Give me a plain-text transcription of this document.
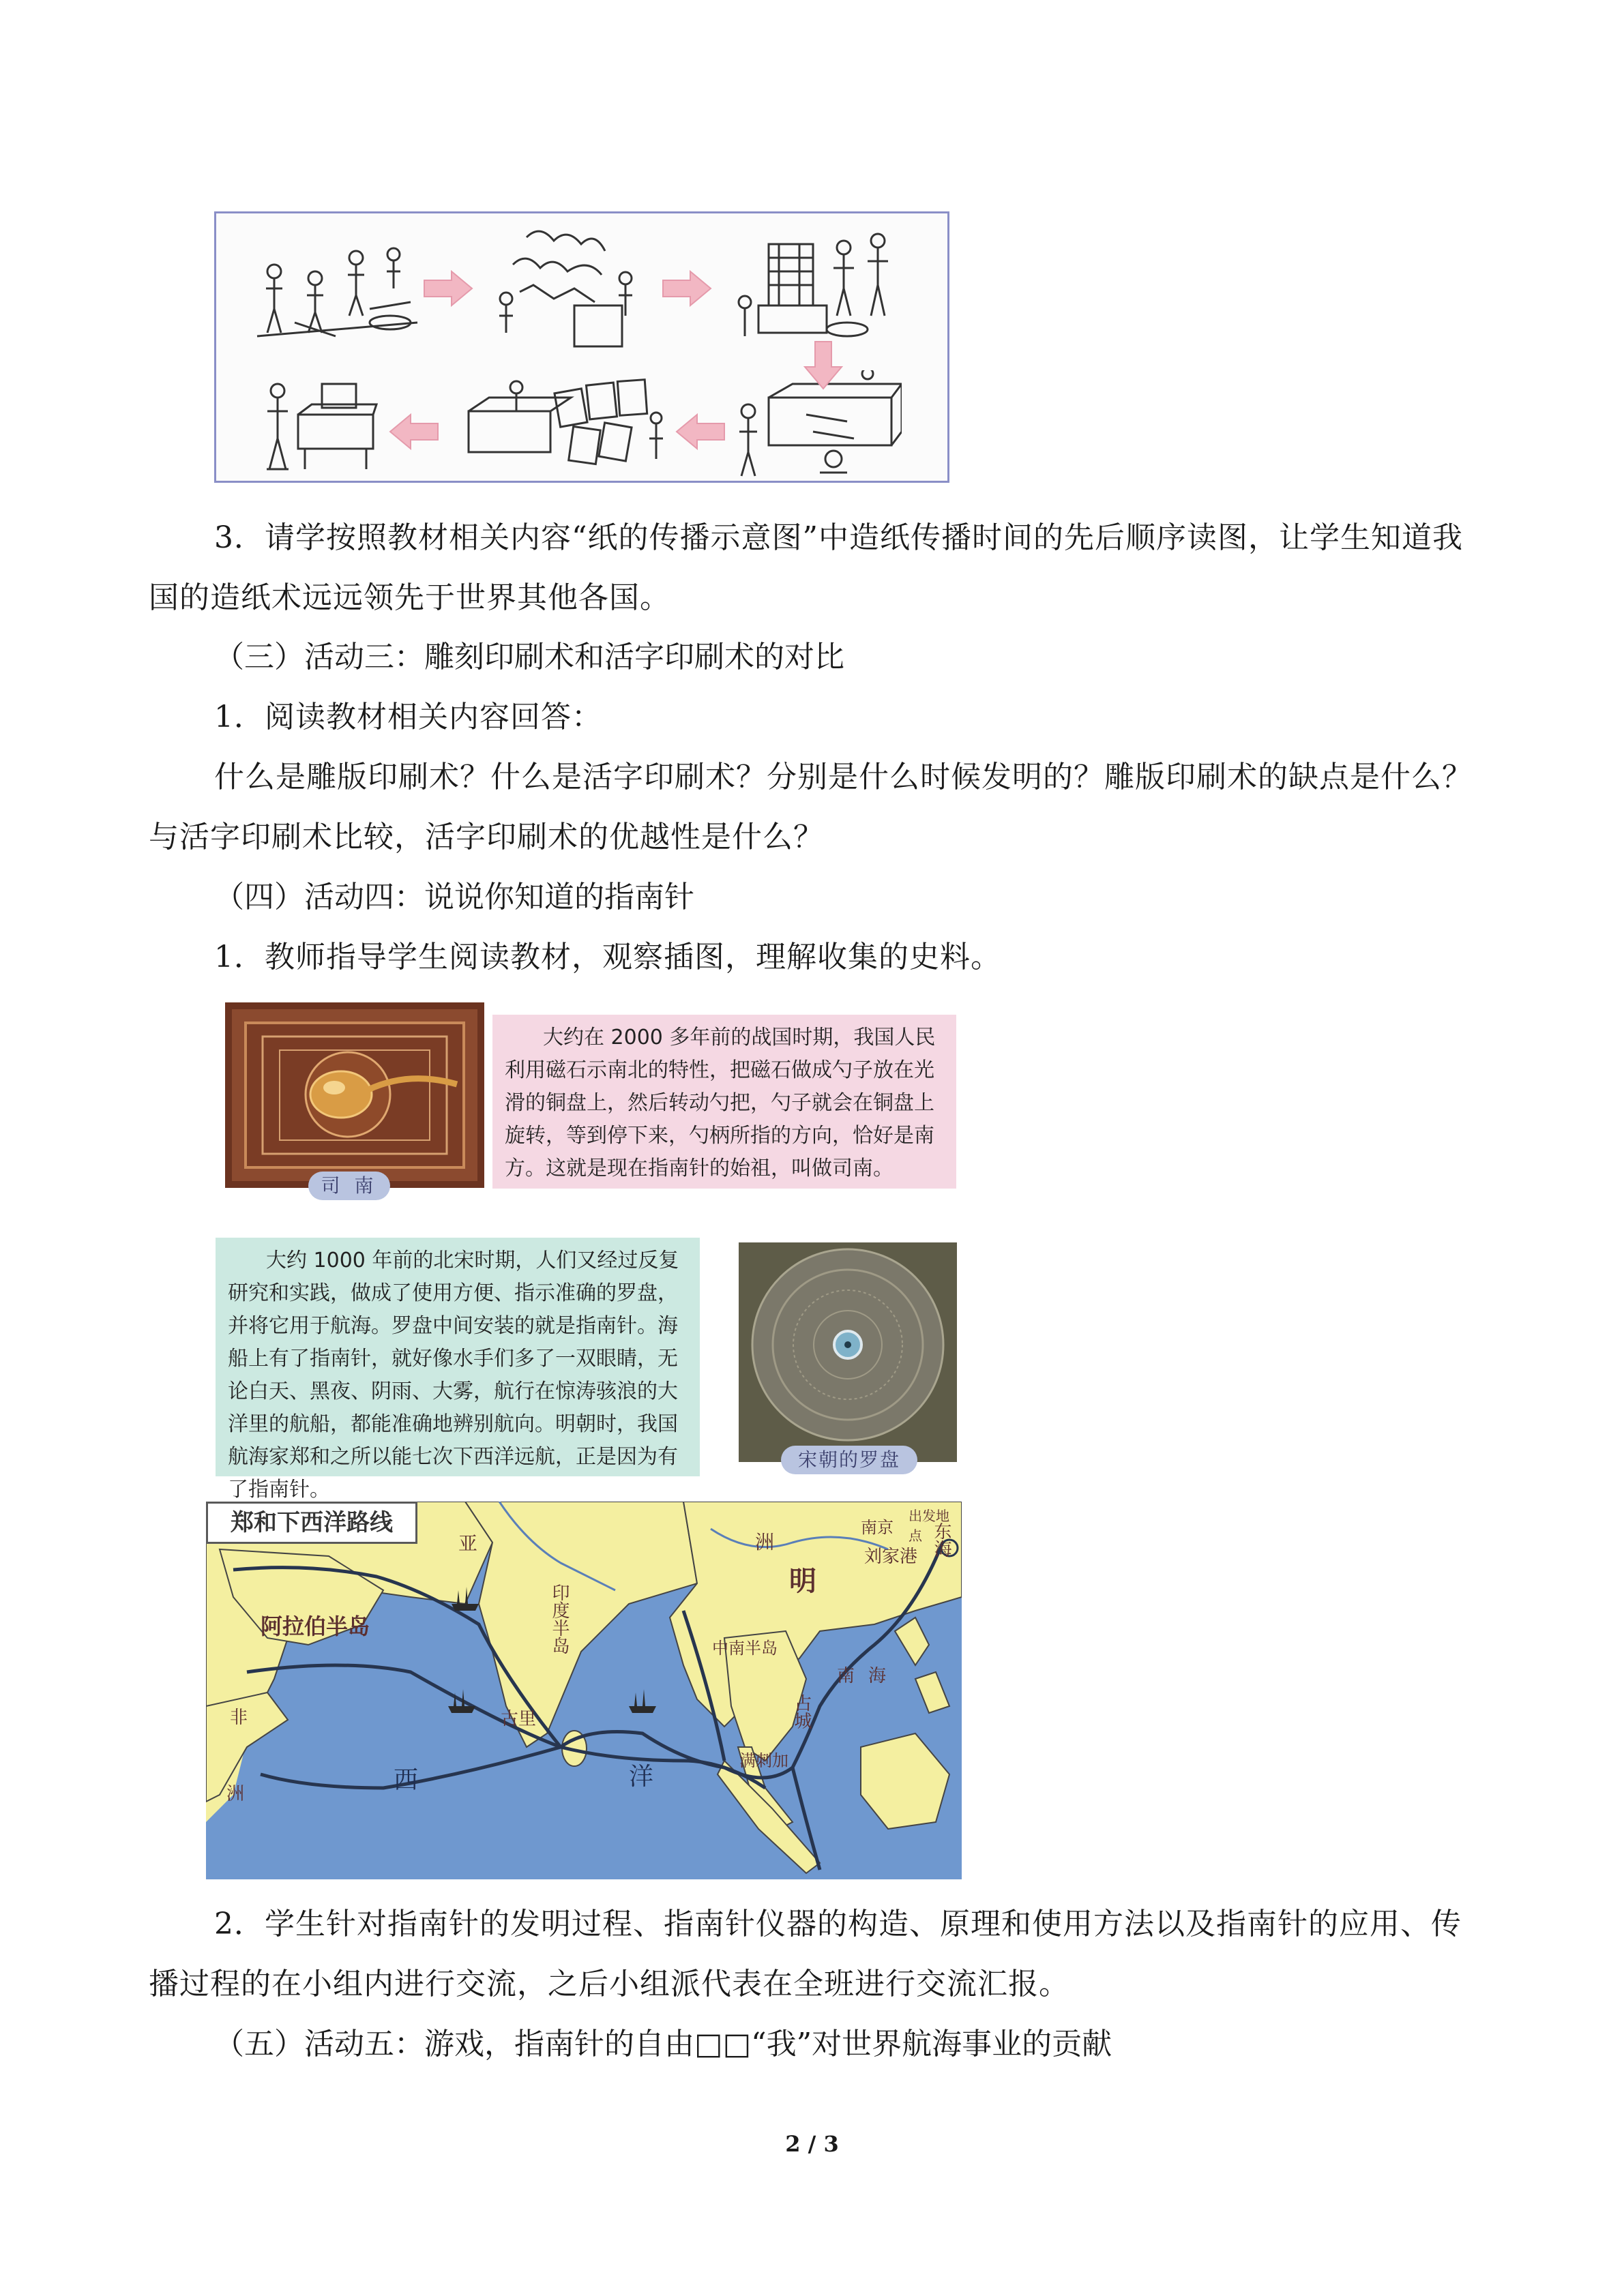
3．请学按照教材相关内容“纸的传播示意图”中造纸传播时间的先后顺序读图，让学生知道我国的造纸术远远领先于世界其他各国。
（三）活动三：雕刻印刷术和活字印刷术的对比
1．阅读教材相关内容回答：
什么是雕版印刷术？什么是活字印刷术？分别是什么时候发明的？雕版印刷术的缺点是什么？与活字印刷术比较，活字印刷术的优越性是什么？
（四）活动四：说说你知道的指南针
1．教师指导学生阅读教材，观察插图，理解收集的史料。
司 南
大约在 2000 多年前的战国时期，我国人民利用磁石示南北的特性，把磁石做成勺子放在光滑的铜盘上，然后转动勺把，勺子就会在铜盘上旋转，等到停下来，勺柄所指的方向，恰好是南方。这就是现在指南针的始祖，叫做司南。
大约 1000 年前的北宋时期，人们又经过反复研究和实践，做成了使用方便、指示准确的罗盘，并将它用于航海。罗盘中间安装的就是指南针。海船上有了指南针，就好像水手们多了一双眼睛，无论白天、黑夜、阴雨、大雾，航行在惊涛骇浪的大洋里的航船，都能准确地辨别航向。明朝时，我国航海家郑和之所以能七次下西洋远航，正是因为有了指南针。
宋朝的罗盘
阿拉伯半岛
亚	洲
明
南京
出发地点
刘家港 东海
印度半岛	中南半岛
占城
南海
古里
满刺加
非
洲	西	洋
郑和下西洋路线
2．学生针对指南针的发明过程、指南针仪器的构造、原理和使用方法以及指南针的应用、传播过程的在小组内进行交流，之后小组派代表在全班进行交流汇报。
（五）活动五：游戏，指南针的自由□□“我”对世界航海事业的贡献
2 / 3
